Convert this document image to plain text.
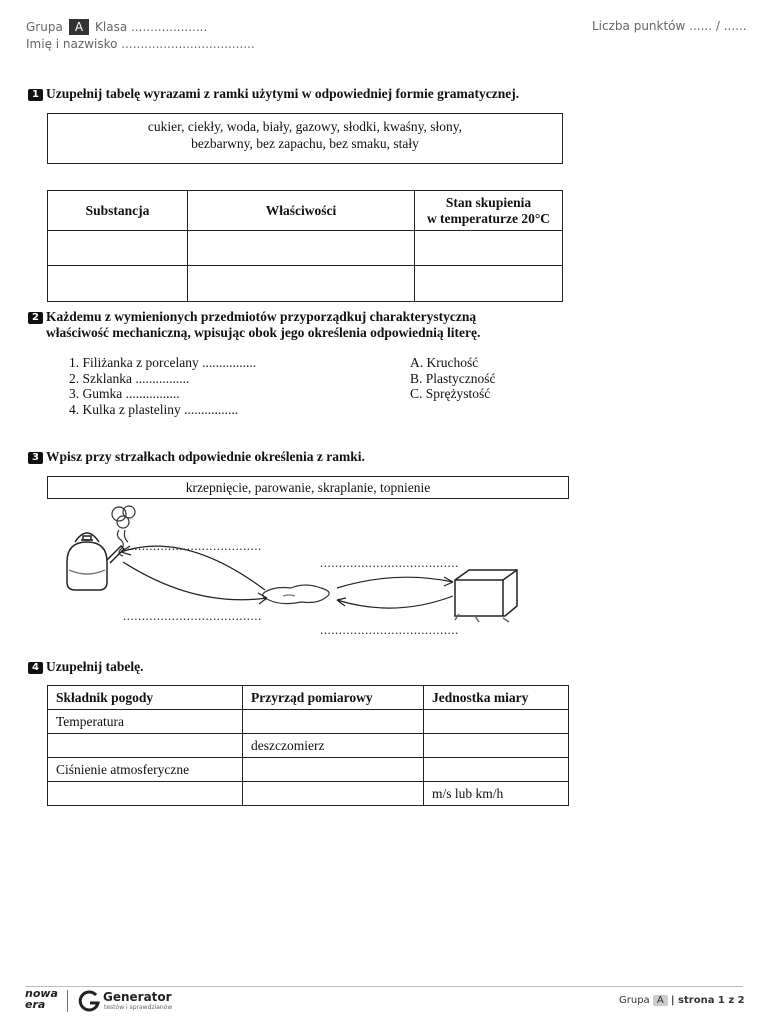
Grupa A Klasa ....................
Imię i nazwisko ...................................
Liczba punktów ...... / ......
1 Uzupełnij tabelę wyrazami z ramki użytymi w odpowiedniej formie gramatycznej.
cukier, ciekły, woda, biały, gazowy, słodki, kwaśny, słony,
bezbarwny, bez zapachu, bez smaku, stały
Substancja	Właściwości	Stan skupienia
w temperaturze 20°C

2 Każdemu z wymienionych przedmiotów przyporządkuj charakterystyczną
właściwość mechaniczną, wpisując obok jego określenia odpowiednią literę.
1. Filiżanka z porcelany ................
2. Szklanka ................
3. Gumka ................
4. Kulka z plasteliny ................
A. Kruchość
B. Plastyczność
C. Sprężystość
3 Wpisz przy strzałkach odpowiednie określenia z ramki.
krzepnięcie, parowanie, skraplanie, topnienie
.....................................
.....................................
.....................................
.....................................
4 Uzupełnij tabelę.
Składnik pogody	Przyrząd pomiarowy	Jednostka miary
Temperatura		
	deszczomierz	
Ciśnienie atmosferyczne		
		m/s lub km/h
nowa
era
Generator
testów i sprawdzianów
Grupa A | strona 1 z 2
